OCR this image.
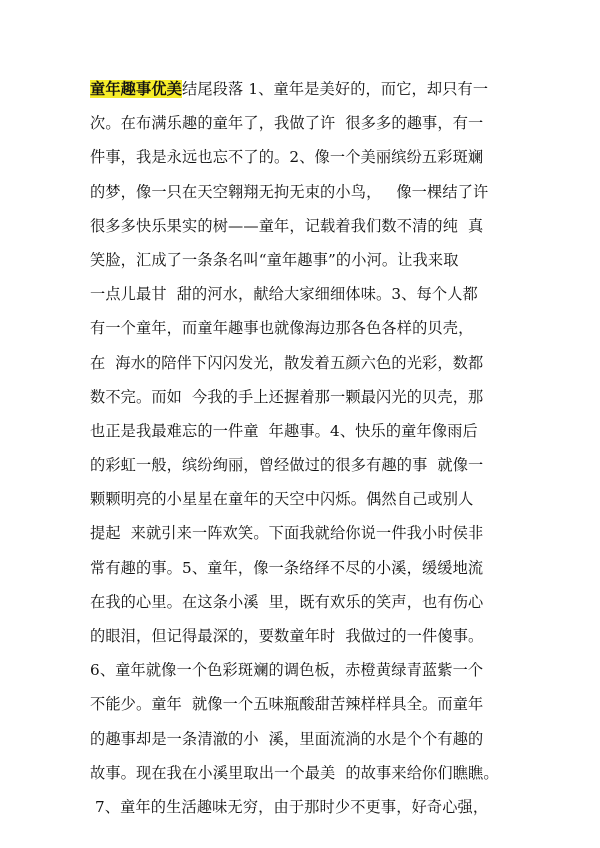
童年趣事优美结尾段落 1、童年是美好的，而它，却只有一
次。在布满乐趣的童年了，我做了许  很多多的趣事，有一
件事，我是永远也忘不了的。2、像一个美丽缤纷五彩斑斓
的梦，像一只在天空翱翔无拘无束的小鸟，   像一棵结了许
很多多快乐果实的树——童年，记载着我们数不清的纯  真
笑脸，汇成了一条条名叫“童年趣事”的小河。让我来取
一点儿最甘  甜的河水，献给大家细细体味。3、每个人都
有一个童年，而童年趣事也就像海边那各色各样的贝壳，
在  海水的陪伴下闪闪发光，散发着五颜六色的光彩，数都
数不完。而如  今我的手上还握着那一颗最闪光的贝壳，那
也正是我最难忘的一件童  年趣事。4、快乐的童年像雨后
的彩虹一般，缤纷绚丽，曾经做过的很多有趣的事  就像一
颗颗明亮的小星星在童年的天空中闪烁。偶然自己或别人
提起  来就引来一阵欢笑。下面我就给你说一件我小时侯非
常有趣的事。5、童年，像一条络绎不尽的小溪，缓缓地流
在我的心里。在这条小溪  里，既有欢乐的笑声，也有伤心
的眼泪，但记得最深的，要数童年时  我做过的一件傻事。
6、童年就像一个色彩斑斓的调色板，赤橙黄绿青蓝紫一个
不能少。童年  就像一个五味瓶酸甜苦辣样样具全。而童年
的趣事却是一条清澈的小  溪，里面流淌的水是个个有趣的
故事。现在我在小溪里取出一个最美  的故事来给你们瞧瞧。
7、童年的生活趣味无穷，由于那时少不更事，好奇心强，
